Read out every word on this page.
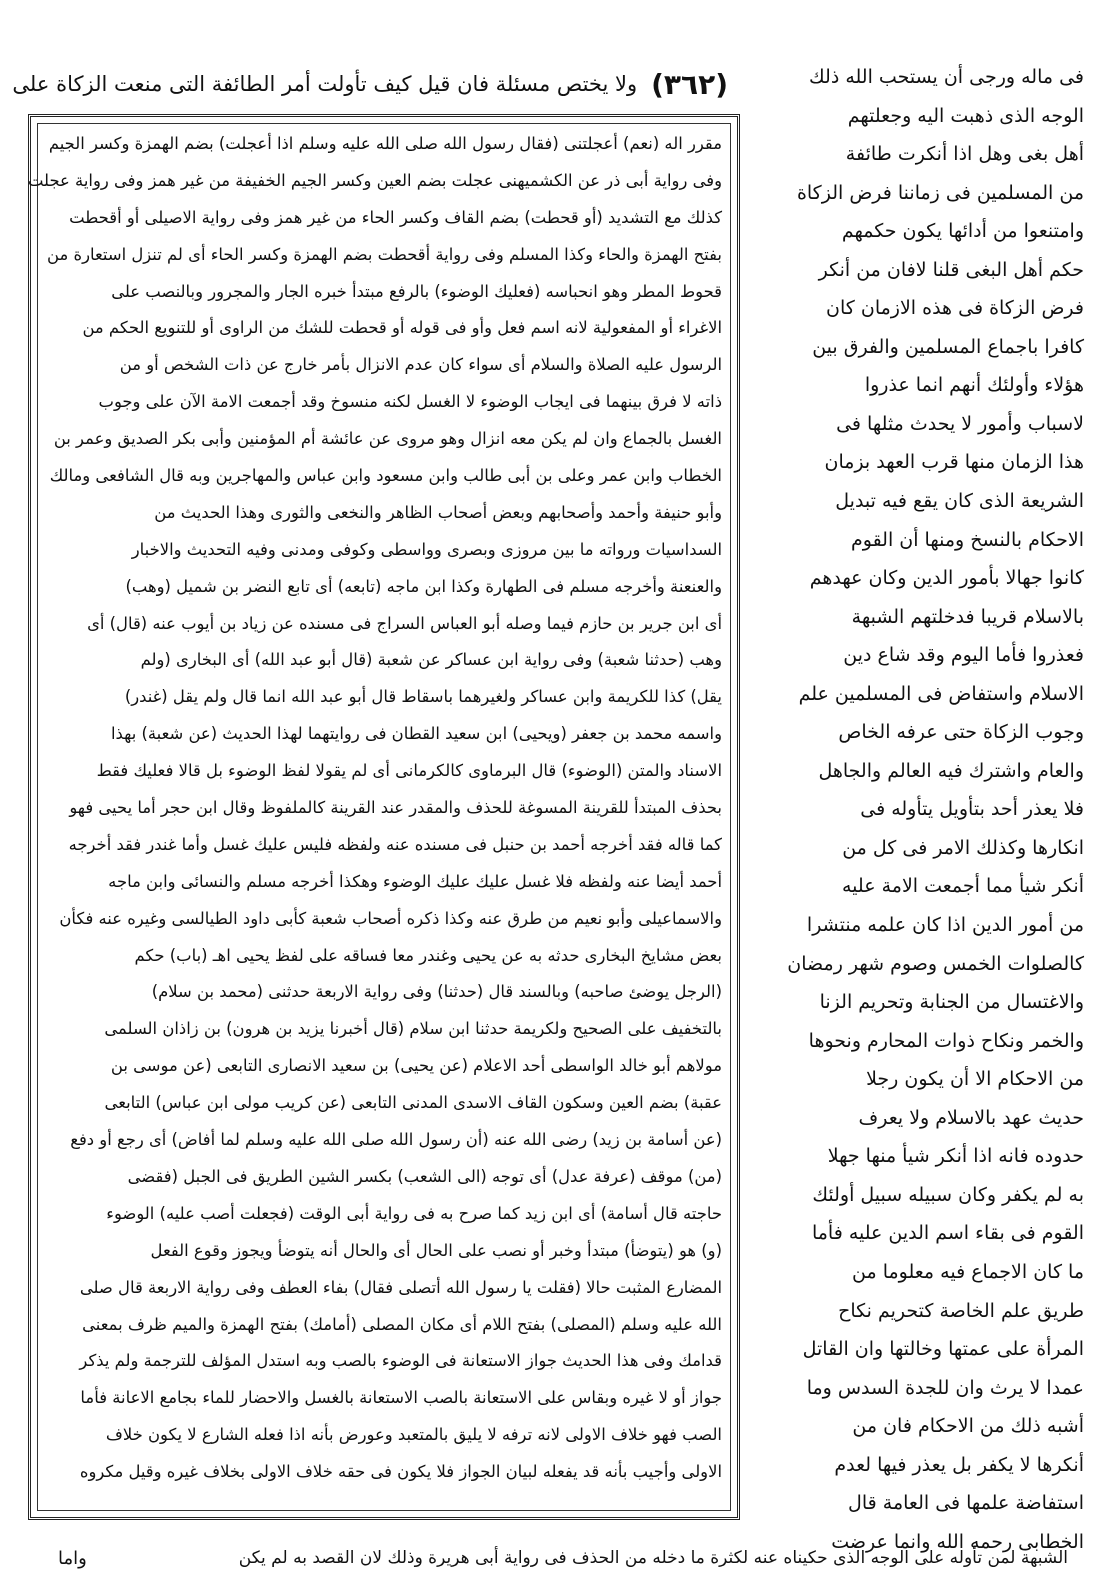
(٣٦٢)
ولا يختص مسئلة فان قيل كيف تأولت أمر الطائفة التى منعت الزكاة على	فى ماله ورجى أن يستحب الله ذلك
الوجه الذى ذهبت اليه وجعلتهم
أهل بغى وهل اذا أنكرت طائفة
من المسلمين فى زماننا فرض الزكاة
وامتنعوا من أدائها يكون حكمهم
حكم أهل البغى قلنا لافان من أنكر
فرض الزكاة فى هذه الازمان كان
كافرا باجماع المسلمين والفرق بين
هؤلاء وأولئك أنهم انما عذروا
لاسباب وأمور لا يحدث مثلها فى
هذا الزمان منها قرب العهد بزمان
الشريعة الذى كان يقع فيه تبديل
الاحكام بالنسخ ومنها أن القوم
كانوا جهالا بأمور الدين وكان عهدهم
بالاسلام قريبا فدخلتهم الشبهة
فعذروا فأما اليوم وقد شاع دين
الاسلام واستفاض فى المسلمين علم
وجوب الزكاة حتى عرفه الخاص
والعام واشترك فيه العالم والجاهل
فلا يعذر أحد بتأويل يتأوله فى
انكارها وكذلك الامر فى كل من
أنكر شيأ مما أجمعت الامة عليه
من أمور الدين اذا كان علمه منتشرا
كالصلوات الخمس وصوم شهر رمضان
والاغتسال من الجنابة وتحريم الزنا
والخمر ونكاح ذوات المحارم ونحوها
من الاحكام الا أن يكون رجلا
حديث عهد بالاسلام ولا يعرف
حدوده فانه اذا أنكر شيأ منها جهلا
به لم يكفر وكان سبيله سبيل أولئك
القوم فى بقاء اسم الدين عليه فأما
ما كان الاجماع فيه معلوما من
طريق علم الخاصة كتحريم نكاح
المرأة على عمتها وخالتها وان القاتل
عمدا لا يرث وان للجدة السدس وما
أشبه ذلك من الاحكام فان من
أنكرها لا يكفر بل يعذر فيها لعدم
استفاضة علمها فى العامة قال
الخطابى رحمه الله وانما عرضت
مقرر اله (نعم) أعجلتنى (فقال رسول الله صلى الله عليه وسلم اذا أعجلت) بضم الهمزة وكسر الجيم
وفى رواية أبى ذر عن الكشميهنى عجلت بضم العين وكسر الجيم الخفيفة من غير همز وفى رواية عجلت
كذلك مع التشديد (أو قحطت) بضم القاف وكسر الحاء من غير همز وفى رواية الاصيلى أو أقحطت
بفتح الهمزة والحاء وكذا المسلم وفى رواية أقحطت بضم الهمزة وكسر الحاء أى لم تنزل استعارة من
قحوط المطر وهو انحباسه (فعليك الوضوء) بالرفع مبتدأ خبره الجار والمجرور وبالنصب على
الاغراء أو المفعولية لانه اسم فعل وأو فى قوله أو قحطت للشك من الراوى أو للتنويع الحكم من
الرسول عليه الصلاة والسلام أى سواء كان عدم الانزال بأمر خارج عن ذات الشخص أو من
ذاته لا فرق بينهما فى ايجاب الوضوء لا الغسل لكنه منسوخ وقد أجمعت الامة الآن على وجوب
الغسل بالجماع وان لم يكن معه انزال وهو مروى عن عائشة أم المؤمنين وأبى بكر الصديق وعمر بن
الخطاب وابن عمر وعلى بن أبى طالب وابن مسعود وابن عباس والمهاجرين وبه قال الشافعى ومالك
وأبو حنيفة وأحمد وأصحابهم وبعض أصحاب الظاهر والنخعى والثورى وهذا الحديث من
السداسيات ورواته ما بين مروزى وبصرى وواسطى وكوفى ومدنى وفيه التحديث والاخبار
والعنعنة وأخرجه مسلم فى الطهارة وكذا ابن ماجه (تابعه) أى تابع النضر بن شميل (وهب)
أى ابن جرير بن حازم فيما وصله أبو العباس السراج فى مسنده عن زياد بن أيوب عنه (قال) أى
وهب (حدثنا شعبة) وفى رواية ابن عساكر عن شعبة (قال أبو عبد الله) أى البخارى (ولم
يقل) كذا للكريمة وابن عساكر ولغيرهما باسقاط قال أبو عبد الله انما قال ولم يقل (غندر)
واسمه محمد بن جعفر (ويحيى) ابن سعيد القطان فى روايتهما لهذا الحديث (عن شعبة) بهذا
الاسناد والمتن (الوضوء) قال البرماوى كالكرمانى أى لم يقولا لفظ الوضوء بل قالا فعليك فقط
بحذف المبتدأ للقرينة المسوغة للحذف والمقدر عند القرينة كالملفوظ وقال ابن حجر أما يحيى فهو
كما قاله فقد أخرجه أحمد بن حنبل فى مسنده عنه ولفظه فليس عليك غسل وأما غندر فقد أخرجه
أحمد أيضا عنه ولفظه فلا غسل عليك عليك الوضوء وهكذا أخرجه مسلم والنسائى وابن ماجه
والاسماعيلى وأبو نعيم من طرق عنه وكذا ذكره أصحاب شعبة كأبى داود الطيالسى وغيره عنه فكأن
بعض مشايخ البخارى حدثه به عن يحيى وغندر معا فساقه على لفظ يحيى اهـ (باب) حكم
(الرجل يوضئ صاحبه) وبالسند قال (حدثنا) وفى رواية الاربعة حدثنى (محمد بن سلام)
بالتخفيف على الصحيح ولكريمة حدثنا ابن سلام (قال أخبرنا يزيد بن هرون) بن زاذان السلمى
مولاهم أبو خالد الواسطى أحد الاعلام (عن يحيى) بن سعيد الانصارى التابعى (عن موسى بن
عقبة) بضم العين وسكون القاف الاسدى المدنى التابعى (عن كريب مولى ابن عباس) التابعى
(عن أسامة بن زيد) رضى الله عنه (أن رسول الله صلى الله عليه وسلم لما أفاض) أى رجع أو دفع
(من) موقف (عرفة عدل) أى توجه (الى الشعب) بكسر الشين الطريق فى الجبل (فقضى
حاجته قال أسامة) أى ابن زيد كما صرح به فى رواية أبى الوقت (فجعلت أصب عليه) الوضوء
(و) هو (يتوضأ) مبتدأ وخبر أو نصب على الحال أى والحال أنه يتوضأ ويجوز وقوع الفعل
المضارع المثبت حالا (فقلت يا رسول الله أتصلى فقال) بفاء العطف وفى رواية الاربعة قال صلى
الله عليه وسلم (المصلى) بفتح اللام أى مكان المصلى (أمامك) بفتح الهمزة والميم ظرف بمعنى
قدامك وفى هذا الحديث جواز الاستعانة فى الوضوء بالصب وبه استدل المؤلف للترجمة ولم يذكر
جواز أو لا غيره وبقاس على الاستعانة بالصب الاستعانة بالغسل والاحضار للماء بجامع الاعانة فأما
الصب فهو خلاف الاولى لانه ترفه لا يليق بالمتعبد وعورض بأنه اذا فعله الشارع لا يكون خلاف
الاولى وأجيب بأنه قد يفعله لبيان الجواز فلا يكون فى حقه خلاف الاولى بخلاف غيره وقيل مكروه
الشبهة لمن تأوله على الوجه الذى حكيناه عنه لكثرة ما دخله من الحذف فى رواية أبى هريرة وذلك لان القصد به لم يكن
واما
